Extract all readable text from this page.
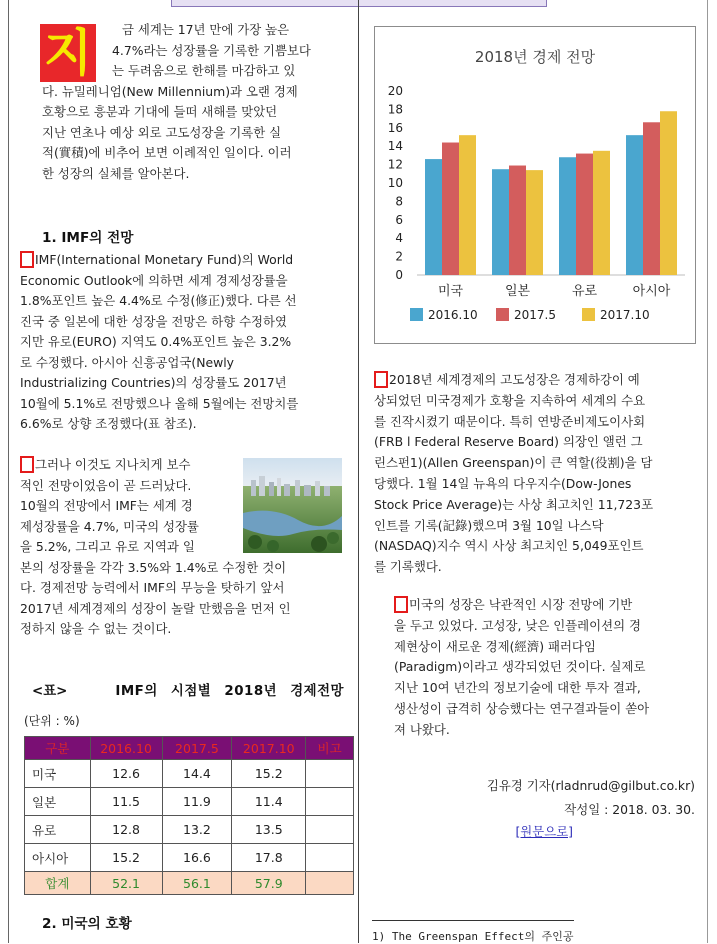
지	금 세계는 17년 만에 가장 높은
4.7%라는 성장률을 기록한 기쁨보다
는 두려움으로 한해를 마감하고 있
다. 뉴밀레니엄(New Millennium)과 오랜 경제
호황으로 흥분과 기대에 들떠 새해를 맞았던
지난 연초나 예상 외로 고도성장을 기록한 실
적(實積)에 비추어 보면 이례적인 일이다. 이러
한 성장의 실체를 알아본다.
1. IMF의 전망
IMF(International Monetary Fund)의 World
Economic Outlook에 의하면 세계 경제성장률을
1.8%포인트 높은 4.4%로 수정(修正)했다. 다른 선
진국 중 일본에 대한 성장을 전망은 하향 수정하였
지만 유로(EURO) 지역도 0.4%포인트 높은 3.2%
로 수정했다. 아시아 신흥공업국(Newly
Industrializing Countries)의 성장률도 2017년
10월에 5.1%로 전망했으나 올해 5월에는 전망치를
6.6%로 상향 조정했다(표 참조).
그러나 이것도 지나치게 보수
적인 전망이었음이 곧 드러났다.
10월의 전망에서 IMF는 세계 경
제성장률을 4.7%, 미국의 성장률
을 5.2%, 그리고 유로 지역과 일
본의 성장률을 각각 3.5%와 1.4%로 수정한 것이
다. 경제전망 능력에서 IMF의 무능을 탓하기 앞서
2017년 세계경제의 성장이 놀랄 만했음을 먼저 인
정하지 않을 수 없는 것이다.
<표>	IMF의 시점별 2018년 경제전망
(단위 : %)
구분	2016.10	2017.5	2017.10	비고
미국	12.6	14.4	15.2	
일본	11.5	11.9	11.4	
유로	12.8	13.2	13.5	
아시아	15.2	16.6	17.8	
합계	52.1	56.1	57.9	
2. 미국의 호황
2018년 경제 전망
0
2
4
6
8
10
12
14
16
18
20
미국	일본	유로	아시아
2016.10	2017.5	2017.10
2018년 세계경제의 고도성장은 경제하강이 예
상되었던 미국경제가 호황을 지속하여 세계의 수요
를 진작시켰기 때문이다. 특히 연방준비제도이사회
(FRB l Federal Reserve Board) 의장인 앨런 그
린스펀1)(Allen Greenspan)이 큰 역할(役割)을 담
당했다. 1월 14일 뉴욕의 다우지수(Dow-Jones
Stock Price Average)는 사상 최고치인 11,723포
인트를 기록(記錄)했으며 3월 10일 나스닥
(NASDAQ)지수 역시 사상 최고치인 5,049포인트
를 기록했다.
미국의 성장은 낙관적인 시장 전망에 기반
을 두고 있었다. 고성장, 낮은 인플레이션의 경
제현상이 새로운 경제(經濟) 패러다임
(Paradigm)이라고 생각되었던 것이다. 실제로
지난 10여 년간의 정보기술에 대한 투자 결과,
생산성이 급격히 상승했다는 연구결과들이 쏟아
져 나왔다.
김유경 기자(rladnrud@gilbut.co.kr)
작성일 : 2018. 03. 30.
[원문으로]
1) The Greenspan Effect의 주인공
